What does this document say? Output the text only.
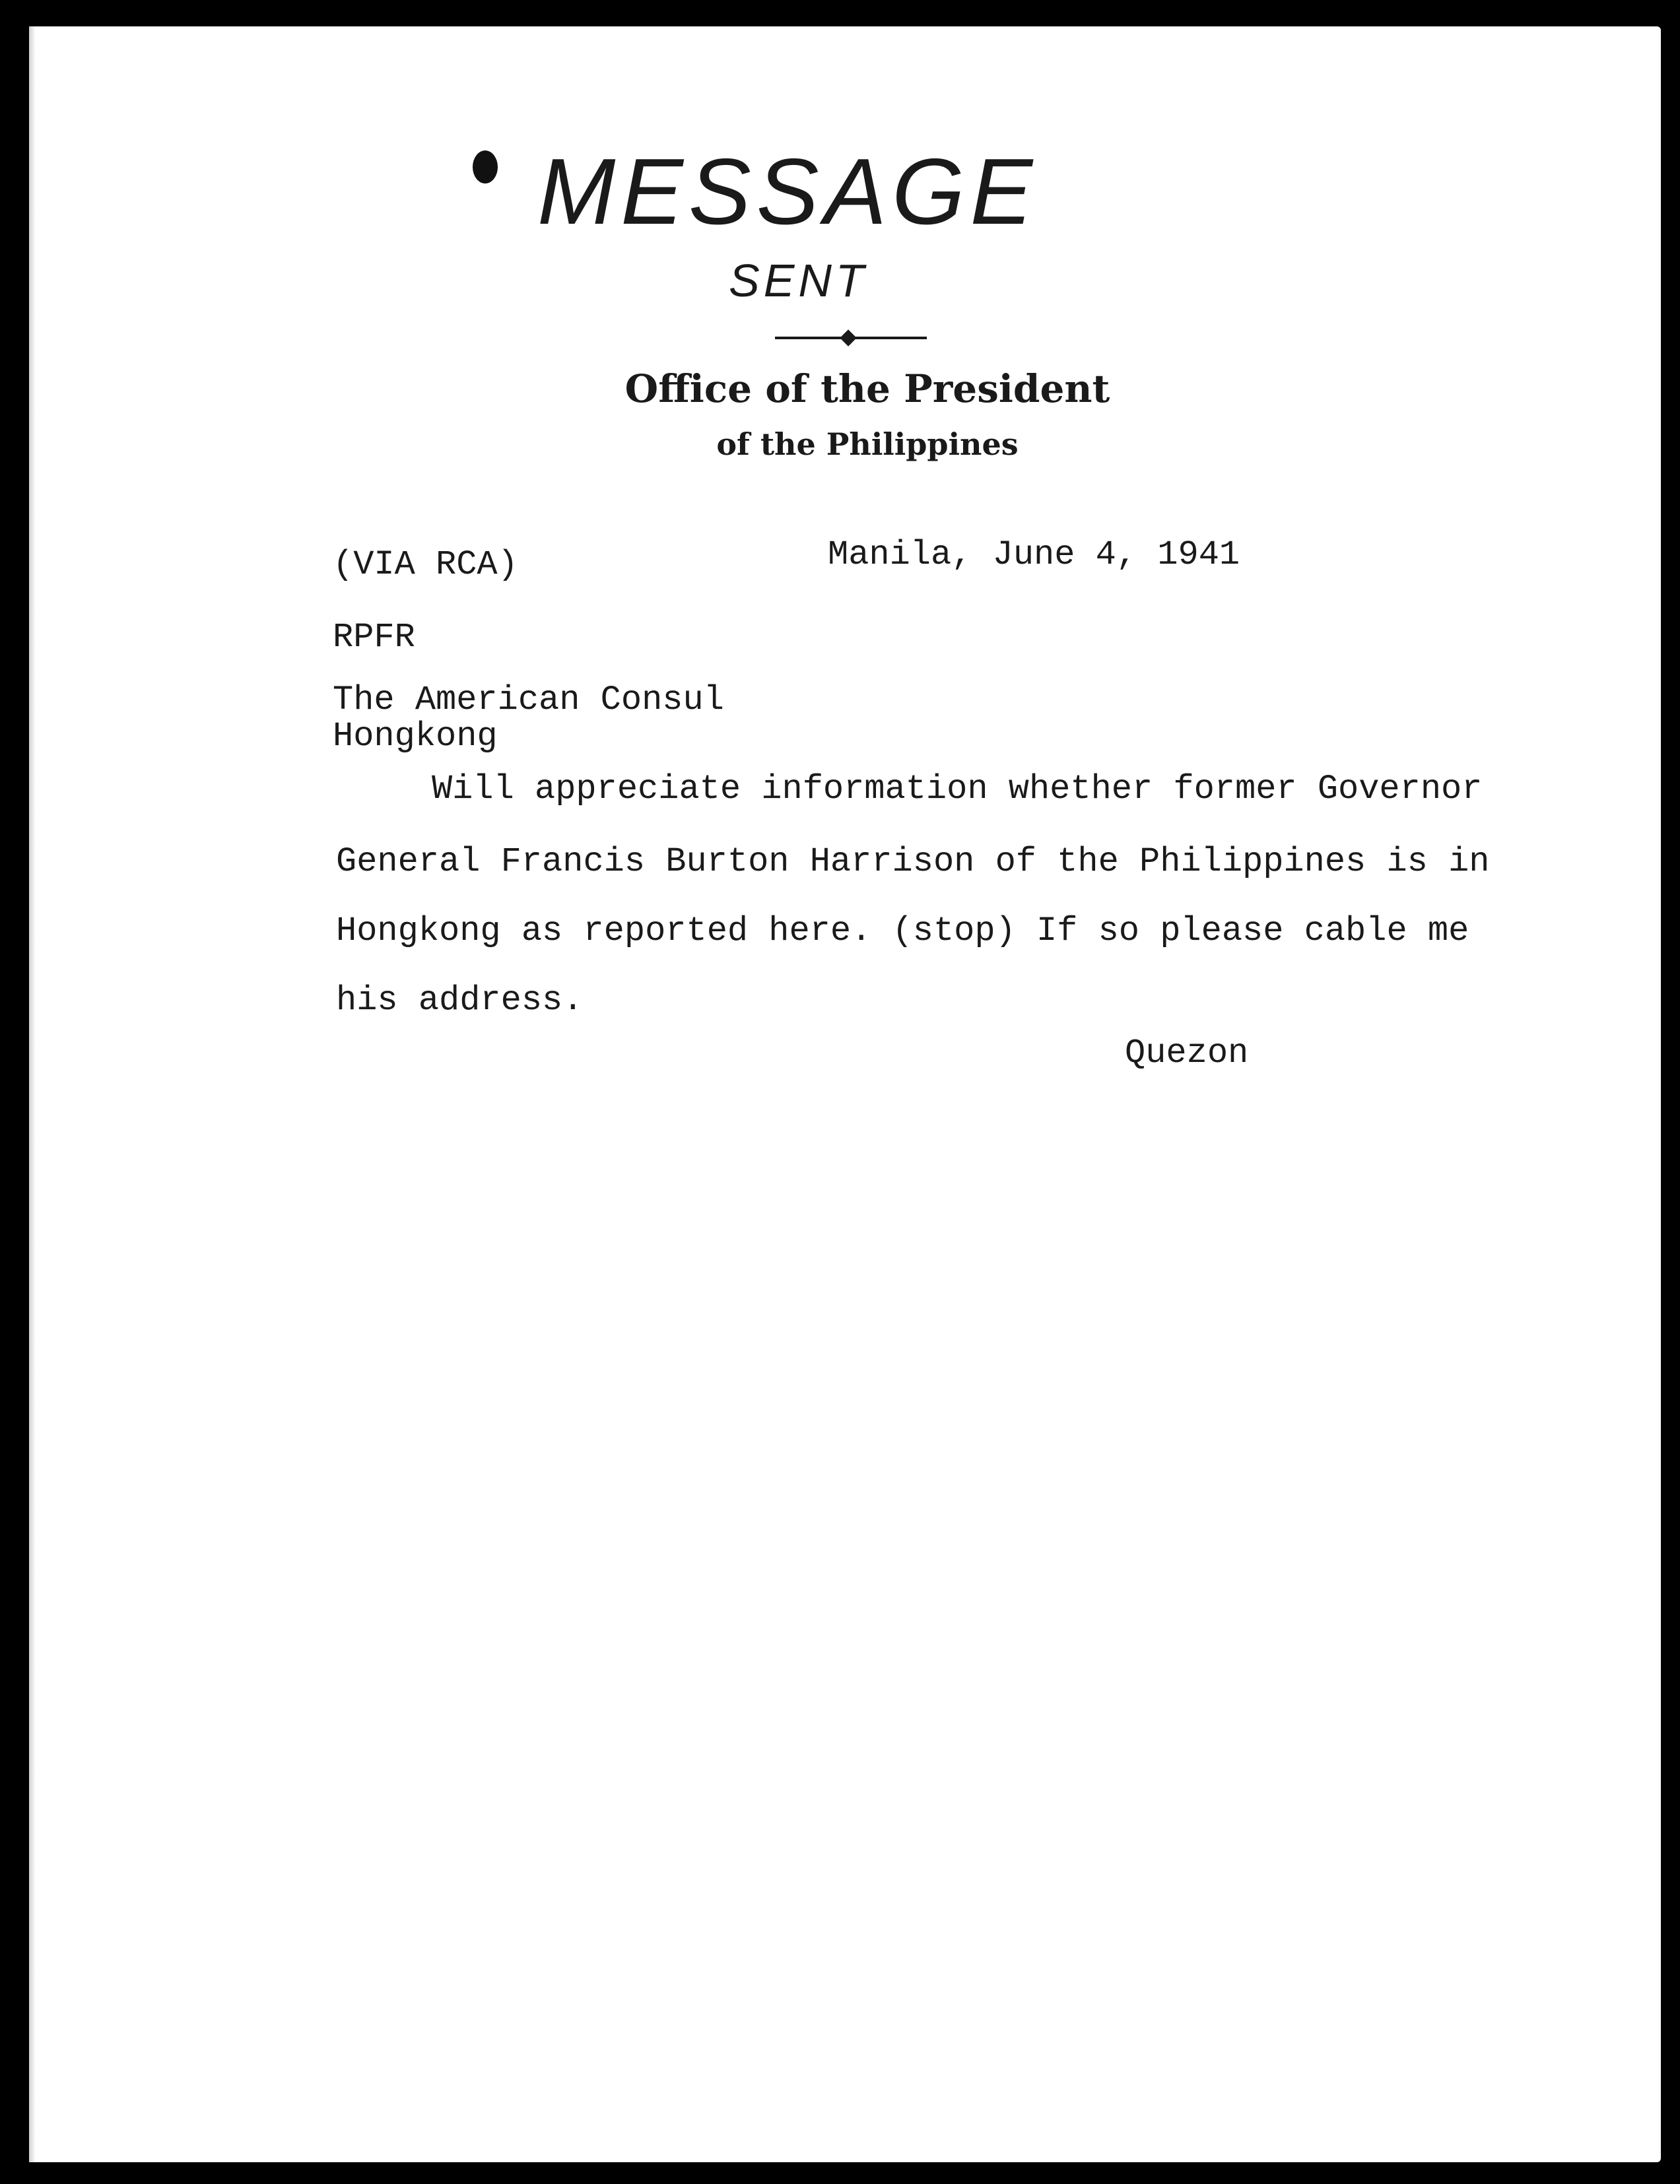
MESSAGE
SENT
Office of the President
of the Philippines
(VIA RCA)	Manila, June 4, 1941
RPFR
The American Consul
Hongkong
Will appreciate information whether former Governor
General Francis Burton Harrison of the Philippines is in
Hongkong as reported here. (stop) If so please cable me
his address.
Quezon
